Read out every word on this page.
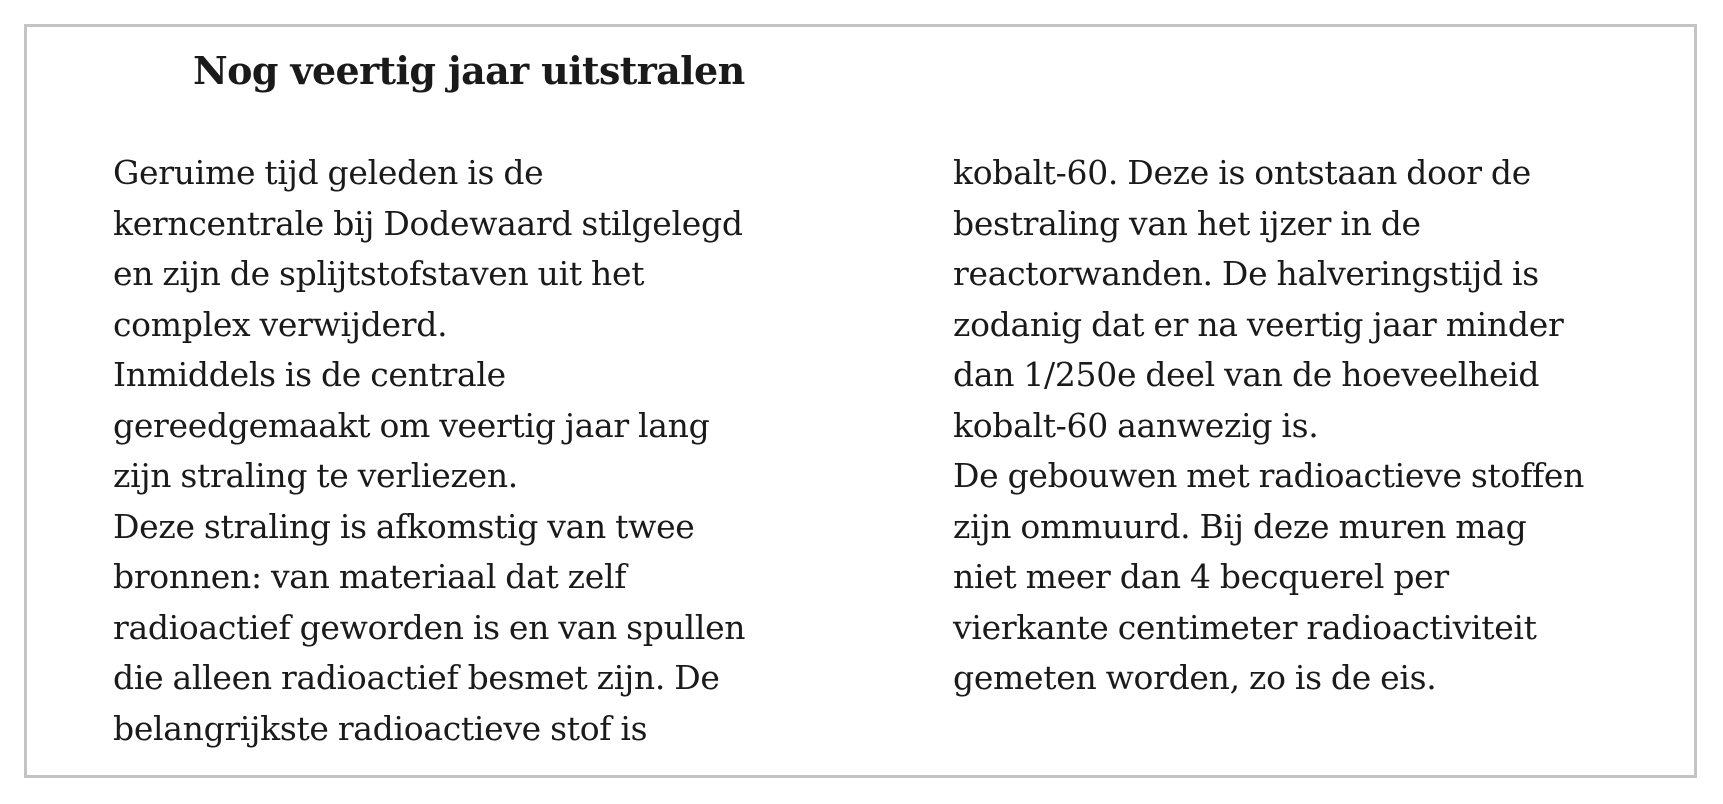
Nog veertig jaar uitstralen
Geruime tijd geleden is de
kerncentrale bij Dodewaard stilgelegd
en zijn de splijtstofstaven uit het
complex verwijderd.
Inmiddels is de centrale
gereedgemaakt om veertig jaar lang
zijn straling te verliezen.
Deze straling is afkomstig van twee
bronnen: van materiaal dat zelf
radioactief geworden is en van spullen
die alleen radioactief besmet zijn. De
belangrijkste radioactieve stof is
kobalt-60. Deze is ontstaan door de
bestraling van het ijzer in de
reactorwanden. De halveringstijd is
zodanig dat er na veertig jaar minder
dan 1/250e deel van de hoeveelheid
kobalt-60 aanwezig is.
De gebouwen met radioactieve stoffen
zijn ommuurd. Bij deze muren mag
niet meer dan 4 becquerel per
vierkante centimeter radioactiviteit
gemeten worden, zo is de eis.
